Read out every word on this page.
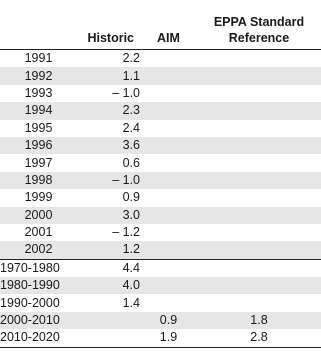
	Historic	AIM	EPPA Standard
Reference
1991	2.2		
1992	1.1		
1993	– 1.0		
1994	2.3		
1995	2.4		
1996	3.6		
1997	0.6		
1998	– 1.0		
1999	0.9		
2000	3.0		
2001	– 1.2		
2002	1.2		
1970-1980	4.4		
1980-1990	4.0		
1990-2000	1.4		
2000-2010		0.9	1.8
2010-2020		1.9	2.8
